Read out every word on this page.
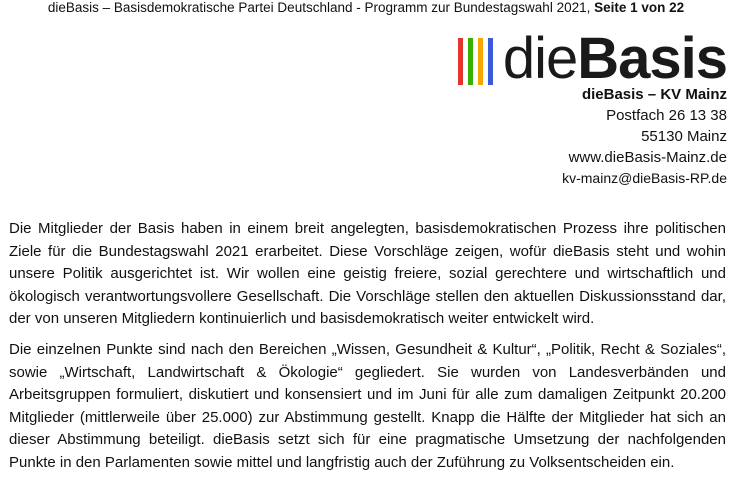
dieBasis – Basisdemokratische Partei Deutschland - Programm zur Bundestagswahl 2021, Seite 1 von 22
dieBasis
dieBasis – KV Mainz
Postfach 26 13 38
55130 Mainz
www.dieBasis-Mainz.de
kv-mainz@dieBasis-RP.de

Die Mitglieder der Basis haben in einem breit angelegten, basisdemokratischen Prozess ihre politischen Ziele für die Bundestagswahl 2021 erarbeitet. Diese Vorschläge zeigen, wofür dieBasis steht und wohin unsere Politik ausgerichtet ist. Wir wollen eine geistig freiere, sozial gerechtere und wirtschaftlich und ökologisch verantwortungsvollere Gesellschaft. Die Vorschläge stellen den aktuellen Diskussionsstand dar, der von unseren Mitgliedern kontinuierlich und basisdemokratisch weiter entwickelt wird.

Die einzelnen Punkte sind nach den Bereichen „Wissen, Gesundheit & Kultur“, „Politik, Recht & Soziales“, sowie „Wirtschaft, Landwirtschaft & Ökologie“ gegliedert. Sie wurden von Landesverbänden und Arbeitsgruppen formuliert, diskutiert und konsensiert und im Juni für alle zum damaligen Zeitpunkt 20.200 Mitglieder (mittlerweile über 25.000) zur Abstimmung gestellt. Knapp die Hälfte der Mitglieder hat sich an dieser Abstimmung beteiligt. dieBasis setzt sich für eine pragmatische Umsetzung der nachfolgenden Punkte in den Parlamenten sowie mittel und langfristig auch der Zuführung zu Volksentscheiden ein.
